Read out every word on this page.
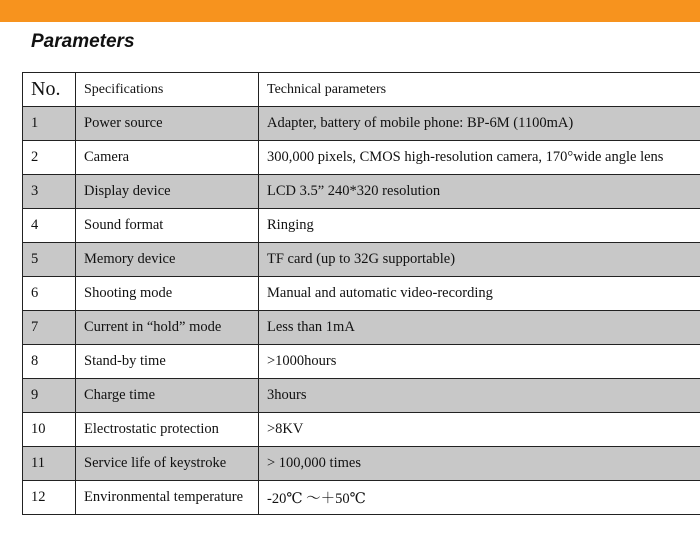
Parameters
No.	Specifications	Technical parameters
1	Power source	Adapter, battery of mobile phone: BP-6M (1100mA)
2	Camera	300,000 pixels, CMOS high-resolution camera, 170°wide angle lens
3	Display device	LCD 3.5” 240*320 resolution
4	Sound format	Ringing
5	Memory device	TF card (up to 32G supportable)
6	Shooting mode	Manual and automatic video-recording
7	Current in “hold” mode	Less than 1mA
8	Stand-by time	>1000hours
9	Charge time	3hours
10	Electrostatic protection	>8KV
11	Service life of keystroke	> 100,000 times
12	Environmental temperature	-20℃ ～＋50℃
